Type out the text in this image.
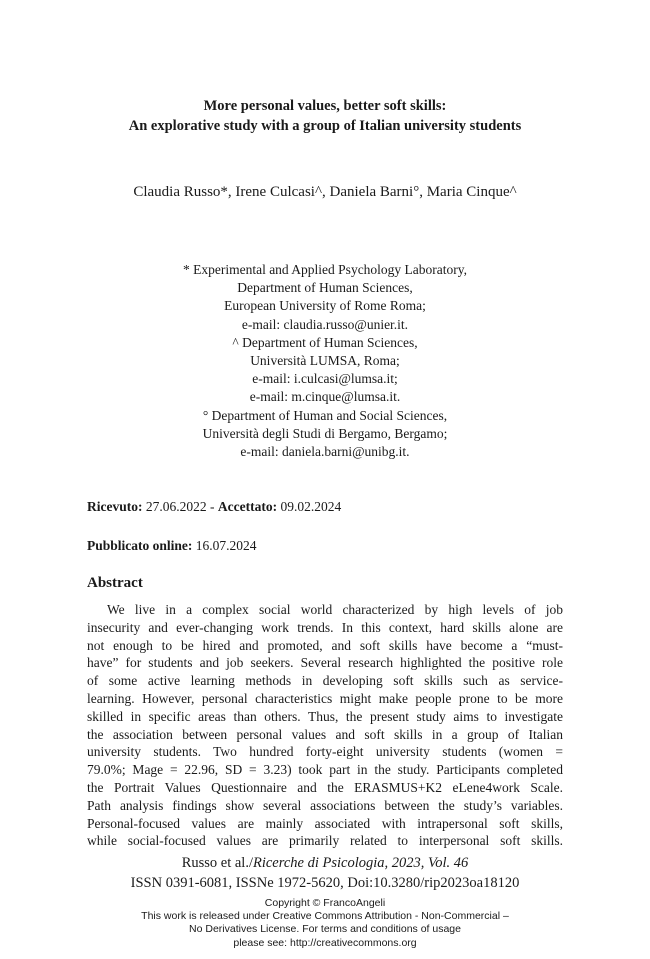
More personal values, better soft skills:
An explorative study with a group of Italian university students
Claudia Russo*, Irene Culcasi^, Daniela Barni°, Maria Cinque^
* Experimental and Applied Psychology Laboratory,
Department of Human Sciences,
European University of Rome Roma;
e-mail: claudia.russo@unier.it.
^ Department of Human Sciences,
Università LUMSA, Roma;
e-mail: i.culcasi@lumsa.it;
e-mail: m.cinque@lumsa.it.
° Department of Human and Social Sciences,
Università degli Studi di Bergamo, Bergamo;
e-mail: daniela.barni@unibg.it.
Ricevuto: 27.06.2022 - Accettato: 09.02.2024
Pubblicato online: 16.07.2024
Abstract
We live in a complex social world characterized by high levels of job
insecurity and ever-changing work trends. In this context, hard skills alone are
not enough to be hired and promoted, and soft skills have become a “must-
have” for students and job seekers. Several research highlighted the positive role
of some active learning methods in developing soft skills such as service-
learning. However, personal characteristics might make people prone to be more
skilled in specific areas than others. Thus, the present study aims to investigate
the association between personal values and soft skills in a group of Italian
university students. Two hundred forty-eight university students (women =
79.0%; Mage = 22.96, SD = 3.23) took part in the study. Participants completed
the Portrait Values Questionnaire and the ERASMUS+K2 eLene4work Scale.
Path analysis findings show several associations between the study’s variables.
Personal-focused values are mainly associated with intrapersonal soft skills,
while social-focused values are primarily related to interpersonal soft skills.
Russo et al./Ricerche di Psicologia, 2023, Vol. 46
ISSN 0391-6081, ISSNe 1972-5620, Doi:10.3280/rip2023oa18120
Copyright © FrancoAngeli
This work is released under Creative Commons Attribution - Non-Commercial –
No Derivatives License. For terms and conditions of usage
please see: http://creativecommons.org
